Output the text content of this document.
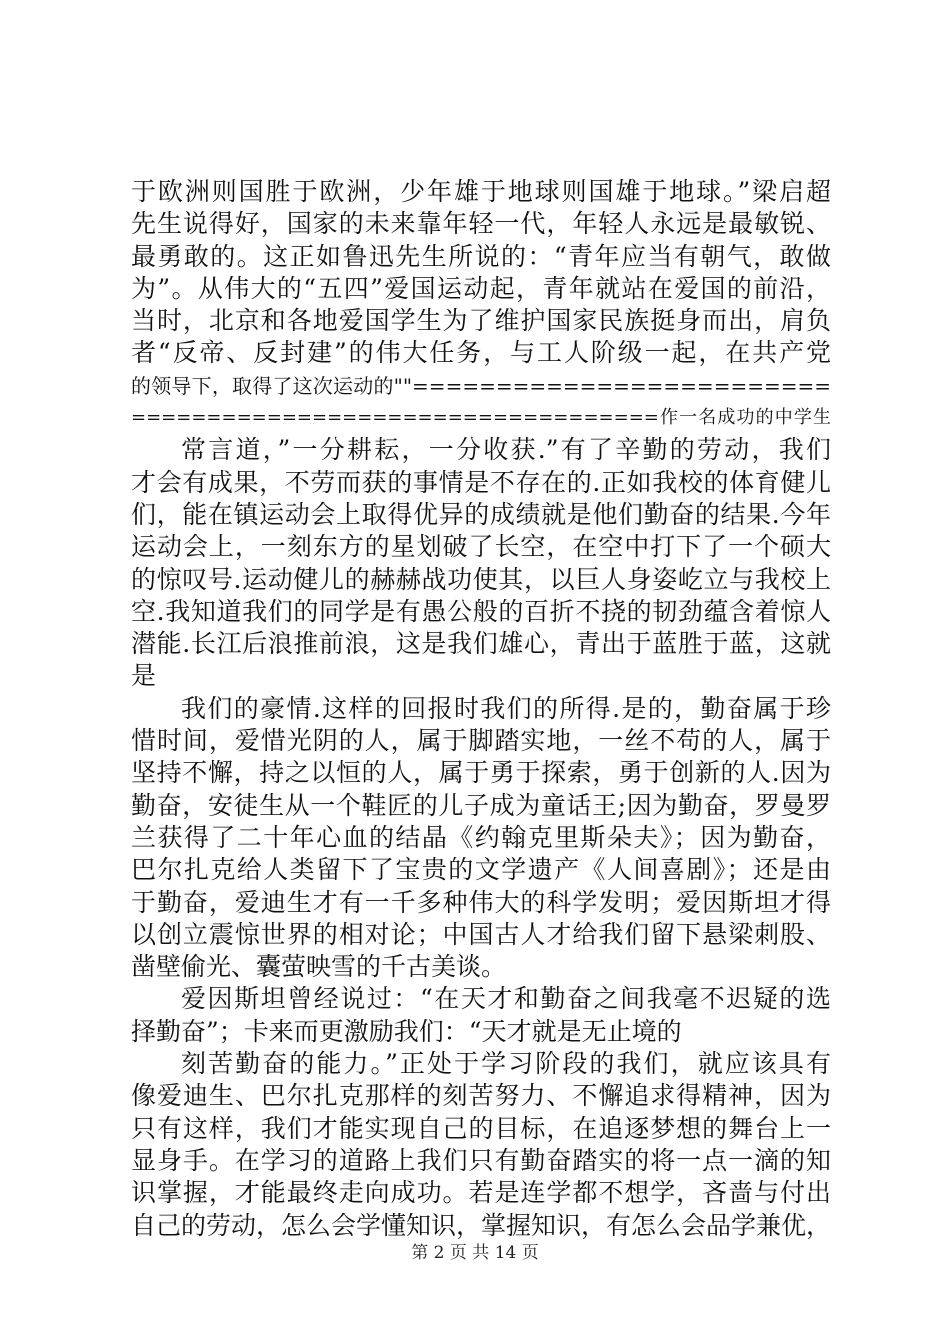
于欧洲则国胜于欧洲，少年雄于地球则国雄于地球。”梁启超
先生说得好，国家的未来靠年轻一代，年轻人永远是最敏锐、
最勇敢的。这正如鲁迅先生所说的：“青年应当有朝气，敢做
为”。从伟大的“五四”爱国运动起，青年就站在爱国的前沿，
当时，北京和各地爱国学生为了维护国家民族挺身而出，肩负
者“反帝、反封建”的伟大任务，与工人阶级一起，在共产党
的领导下，取得了这次运动的""=========================
===================================作一名成功的中学生
常言道，”一分耕耘，一分收获.”有了辛勤的劳动，我们
才会有成果，不劳而获的事情是不存在的.正如我校的体育健儿
们，能在镇运动会上取得优异的成绩就是他们勤奋的结果.今年
运动会上，一刻东方的星划破了长空，在空中打下了一个硕大
的惊叹号.运动健儿的赫赫战功使其，以巨人身姿屹立与我校上
空.我知道我们的同学是有愚公般的百折不挠的韧劲蕴含着惊人
潜能.长江后浪推前浪，这是我们雄心，青出于蓝胜于蓝，这就
是
我们的豪情.这样的回报时我们的所得.是的，勤奋属于珍
惜时间，爱惜光阴的人，属于脚踏实地，一丝不苟的人，属于
坚持不懈，持之以恒的人，属于勇于探索，勇于创新的人.因为
勤奋，安徒生从一个鞋匠的儿子成为童话王;因为勤奋，罗曼罗
兰获得了二十年心血的结晶《约翰克里斯朵夫》；因为勤奋，
巴尔扎克给人类留下了宝贵的文学遗产《人间喜剧》；还是由
于勤奋，爱迪生才有一千多种伟大的科学发明；爱因斯坦才得
以创立震惊世界的相对论；中国古人才给我们留下悬梁刺股、
凿壁偷光、囊萤映雪的千古美谈。
爱因斯坦曾经说过：“在天才和勤奋之间我毫不迟疑的选
择勤奋”；卡来而更激励我们：“天才就是无止境的
刻苦勤奋的能力。”正处于学习阶段的我们，就应该具有
像爱迪生、巴尔扎克那样的刻苦努力、不懈追求得精神，因为
只有这样，我们才能实现自己的目标，在追逐梦想的舞台上一
显身手。在学习的道路上我们只有勤奋踏实的将一点一滴的知
识掌握，才能最终走向成功。若是连学都不想学，吝啬与付出
自己的劳动，怎么会学懂知识，掌握知识，有怎么会品学兼优，
第 2 页 共 14 页
